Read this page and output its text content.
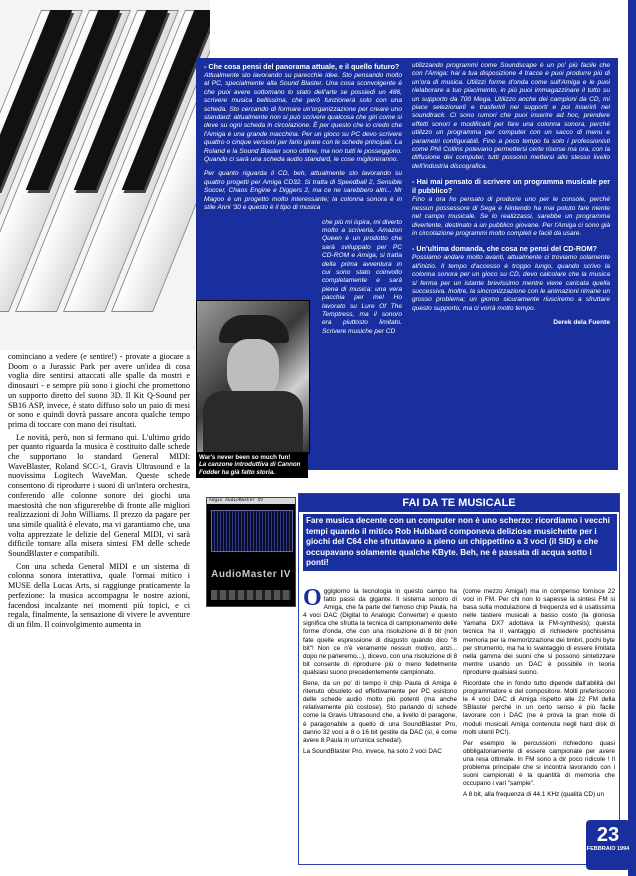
- Che cosa pensi del panorama attuale, e il quello futuro?
Attualmente sto lavorando su parecchie idee. Sto pensando molto al PC, specialmente alla Sound Blaster. Una cosa sconvolgente è che puoi avere sottomano lo stato dell'arte se possiedi un 486, scrivere musica bellissima, che però funzionerà solo con una scheda. Sto cercando di formare un'organizzazione per creare uno standard: attualmente non si può scrivere qualcosa che giri come si deve su ogni scheda in circolazione. È per questo che io credo che l'Amiga è una grande macchina. Per un gioco su PC devo scrivere quattro o cinque versioni per farlo girare con le schede principali. La Roland e la Sound Blaster sono ottime, ma non tutti le posseggono. Quando ci sarà una scheda audio standard, le cose miglioreranno.
Per quanto riguarda il CD, beh, attualmente sto lavorando su quattro progetti per Amiga CD32. Si tratta di Speedball 2, Sensible Soccer, Chaos Engine e Diggers 2, ma ce ne sarebbero altri... Mr Magoo è un progetto molto interessante; la colonna sonora è in stile Anni '30 e questo è il tipo di musica
che più mi ispira, mi diverto molto a scriverla. Amazon Queen è un prodotto che sarà sviluppato per PC CD-ROM e Amiga, si tratta della prima avventura in cui sono stato coinvolto completamente e sarà piena di musica: una vera pacchia per me! Ho lavorato su Lure Of The Temptress, ma il sonoro era piuttosto limitato. Scrivere musiche per CD
utilizzando programmi come Soundscape è un po' più facile che con l'Amiga: hai a tua disposizione 4 tracce e puoi produrre più di un'ora di musica. Utilizzi forme d'onda come sull'Amiga e le puoi rielaborare a tuo piacimento, in più puoi immagazzinare il tutto su un supporto da 700 Mega. Utilizzo anche dei campioni da CD, mi piace selezionarli e trasferirli nei supporti e poi inserirli nel soundtrack. Ci sono rumori che puoi inserire ad hoc, prendere effetti sonori e modificarli per fare una colonna sonora, perché utilizzo un programma per computer con un sacco di menu e parametri configurabili. Fino a poco tempo fa solo i professionisti come Phil Collins potevano permettersi certe risorse ma ora, con la diffusione dei computer, tutti possono mettersi allo stesso livello dell'industria discografica.
- Hai mai pensato di scrivere un programma musicale per il pubblico?
Fino a ora ho pensato di produrre uno per le console, perché nessun possessore di Sega e Nintendo ha mai potuto fare niente nel campo musicale. Se lo realizzassi, sarebbe un programma divertente, destinato a un pubblico giovane. Per l'Amiga ci sono già in circolazione programmi molto completi e facili da usare.
- Un'ultima domanda, che cosa ne pensi del CD-ROM?
Possiamo andare molto avanti, attualmente ci troviamo solamente all'inizio. Il tempo d'accesso è troppo lungo, quando scrivo la colonna sonora per un gioco su CD, devo calcolare che la musica si ferma per un istante brevissimo mentre viene caricata quella successiva. Inoltre, la sincronizzazione con le animazioni rimane un grosso problema; un giorno sicuramente riusciremo a sfruttare questo supporto, ma ci vorrà molto tempo.
Derek dela Fuente
War's never been so much fun!
La canzone introduttiva di Cannon Fodder ha già fatto storia.

cominciano a vedere (e sentire!) - provate a giocare a Doom o a Jurassic Park per avere un'idea di cosa voglia dire sentirsi attaccati alle spalle da mostri e dinosauri - e sempre più sono i giochi che promettono un supporto diretto del suono 3D. Il Kit Q-Sound per SB16 ASP, invece, è stato diffuso solo un paio di mesi or sono e quindi dovrà passare ancora qualche tempo prima di toccare con mano dei risultati.

Le novità, però, non si fermano qui. L'ultimo grido per quanto riguarda la musica è costituito dalle schede che supportano lo standard General MIDI: WaveBlaster, Roland SCC-1, Gravis Ultrasound e la nuovissima Logitech WaveMan. Queste schede consentono di riprodurre i suoni di un'intera orchestra, conferendo alle colonne sonore dei giochi una maestosità che non sfigurerebbe di fronte alle migliori realizzazioni di John Williams. Il prezzo da pagare per una simile qualità è elevato, ma vi garantiamo che, una volta apprezzate le delizie del General MIDI, vi sarà difficile tornare alla misera sintesi FM delle schede SoundBlaster e compatibili.

Con una scheda General MIDI e un sistema di colonna sonora interattiva, quale l'ormai mitico i MUSE della Lucas Arts, si raggiunge praticamente la perfezione: la musica accompagna le nostre azioni, facendosi incalzante nei momenti più topici, e ci regala, finalmente, la sensazione di vivere le avventure di un film. Il coinvolgimento aumenta in

Aegis AudioMaster IV
AudioMaster IV
FAI DA TE MUSICALE
Fare musica decente con un computer non è uno scherzo: ricordiamo i vecchi tempi quando il mitico Rob Hubbard componeva deliziose musichette per i giochi del C64 che sfruttavano a pieno un chippettino a 3 voci (il SID) e che occupavano solamente qualche KByte. Beh, ne è passata di acqua sotto i ponti!

Oggigiorno la tecnologia in questo campo ha fatto passi da gigante. Il sistema sonoro di Amiga, che fa parte del famoso chip Paula, ha 4 voci DAC (Digital to Analogic Converter) e questo significa che sfrutta la tecnica di campionamento delle forme d'onda, che con una risoluzione di 8 bit (non fate quelle espressione di disgusto quando dico "8 bit"! Non ce n'è veramente nessun motivo, anzi... dopo ne parleremo...), dicevo, con una risoluzione di 8 bit consente di riprodurre più o meno fedelmente qualsiasi suono precedentemente campionato.

Bene, da un po' di tempo il chip Paula di Amiga è ritenuto obsoleto ed effettivamente per PC esistono delle schede audio molto più potenti (ma anche relativamente più costose). Sto parlando di schede come la Gravis Ultrasound che, a livello di paragone, è paragonabile a quello di una SoundBlaster Pro, danno 32 voci a 8 o 16 bit gestite da DAC (sì, è come avere 8 Paula in un'unica scheda!).

La SoundBlaster Pro, invece, ha solo 2 voci DAC

(come mezzo Amiga!) ma in compenso fornisce 22 voci in FM. Per chi non lo sapesse la sintesi FM si basa sulla modulazione di frequenza ed è usatissima nelle tastiere musicali a basso costo (la gloriosa Yamaha DX7 adottava la FM-synthesis); questa tecnica ha il vantaggio di richiedere pochissima memoria per la memorizzazione dei timbri, pochi byte per strumento, ma ha lo svantaggio di essere limitata nella gamma dei suoni che si possono sintetizzare mentre usando un DAC è possibile in teoria riprodurre qualsiasi suono.

Ricordate che in fondo tutto dipende dall'abilità del programmatore e del compositore. Molti preferiscono le 4 voci DAC di Amiga rispetto alle 22 FM della SBlaster perché in un certo senso è più facile lavorare con i DAC (ne è prova la gran mole di moduli musicali Amiga contenuta negli hard disk di molti utenti PC!).

Per esempio le percussioni richiedono quasi obbligatoriamente di essere campionate per avere una resa ottimale. In FM sono a dir poco ridicole ! Il problema principale che si incontra lavorando con i suoni campionati è la quantità di memoria che occupano i vari "sample".

A 8 bit, alla frequenza di 44.1 KHz (qualità CD) un

23
FEBBRAIO 1994
